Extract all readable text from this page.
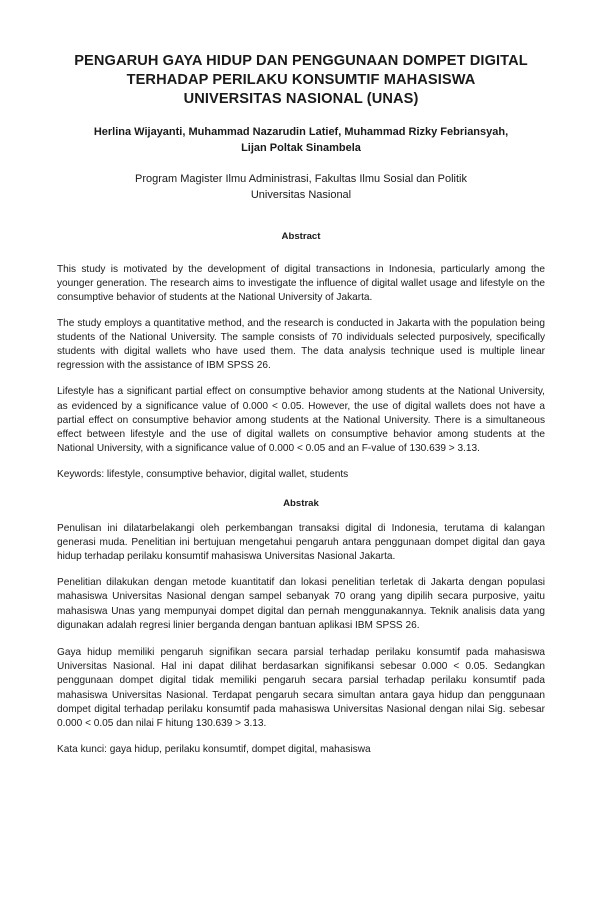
PENGARUH GAYA HIDUP DAN PENGGUNAAN DOMPET DIGITAL
TERHADAP PERILAKU KONSUMTIF MAHASISWA
UNIVERSITAS NASIONAL (UNAS)
Herlina Wijayanti, Muhammad Nazarudin Latief, Muhammad Rizky Febriansyah,
Lijan Poltak Sinambela
Program Magister Ilmu Administrasi, Fakultas Ilmu Sosial dan Politik
Universitas Nasional
Abstract

This study is motivated by the development of digital transactions in Indonesia, particularly among the younger generation. The research aims to investigate the influence of digital wallet usage and lifestyle on the consumptive behavior of students at the National University of Jakarta.

The study employs a quantitative method, and the research is conducted in Jakarta with the population being students of the National University. The sample consists of 70 individuals selected purposively, specifically students with digital wallets who have used them. The data analysis technique used is multiple linear regression with the assistance of IBM SPSS 26.

Lifestyle has a significant partial effect on consumptive behavior among students at the National University, as evidenced by a significance value of 0.000 < 0.05. However, the use of digital wallets does not have a partial effect on consumptive behavior among students at the National University. There is a simultaneous effect between lifestyle and the use of digital wallets on consumptive behavior among students at the National University, with a significance value of 0.000 < 0.05 and an F-value of 130.639 > 3.13.

Keywords: lifestyle, consumptive behavior, digital wallet, students

Abstrak

Penulisan ini dilatarbelakangi oleh perkembangan transaksi digital di Indonesia, terutama di kalangan generasi muda. Penelitian ini bertujuan mengetahui pengaruh antara penggunaan dompet digital dan gaya hidup terhadap perilaku konsumtif mahasiswa Universitas Nasional Jakarta.

Penelitian dilakukan dengan metode kuantitatif dan lokasi penelitian terletak di Jakarta dengan populasi mahasiswa Universitas Nasional dengan sampel sebanyak 70 orang yang dipilih secara purposive, yaitu mahasiswa Unas yang mempunyai dompet digital dan pernah menggunakannya. Teknik analisis data yang digunakan adalah regresi linier berganda dengan bantuan aplikasi IBM SPSS 26.

Gaya hidup memiliki pengaruh signifikan secara parsial terhadap perilaku konsumtif pada mahasiswa Universitas Nasional. Hal ini dapat dilihat berdasarkan signifikansi sebesar 0.000 < 0.05. Sedangkan penggunaan dompet digital tidak memiliki pengaruh secara parsial terhadap perilaku konsumtif pada mahasiswa Universitas Nasional. Terdapat pengaruh secara simultan antara gaya hidup dan penggunaan dompet digital terhadap perilaku konsumtif pada mahasiswa Universitas Nasional dengan nilai Sig. sebesar 0.000 < 0.05 dan nilai F hitung 130.639 > 3.13.

Kata kunci: gaya hidup, perilaku konsumtif, dompet digital, mahasiswa
